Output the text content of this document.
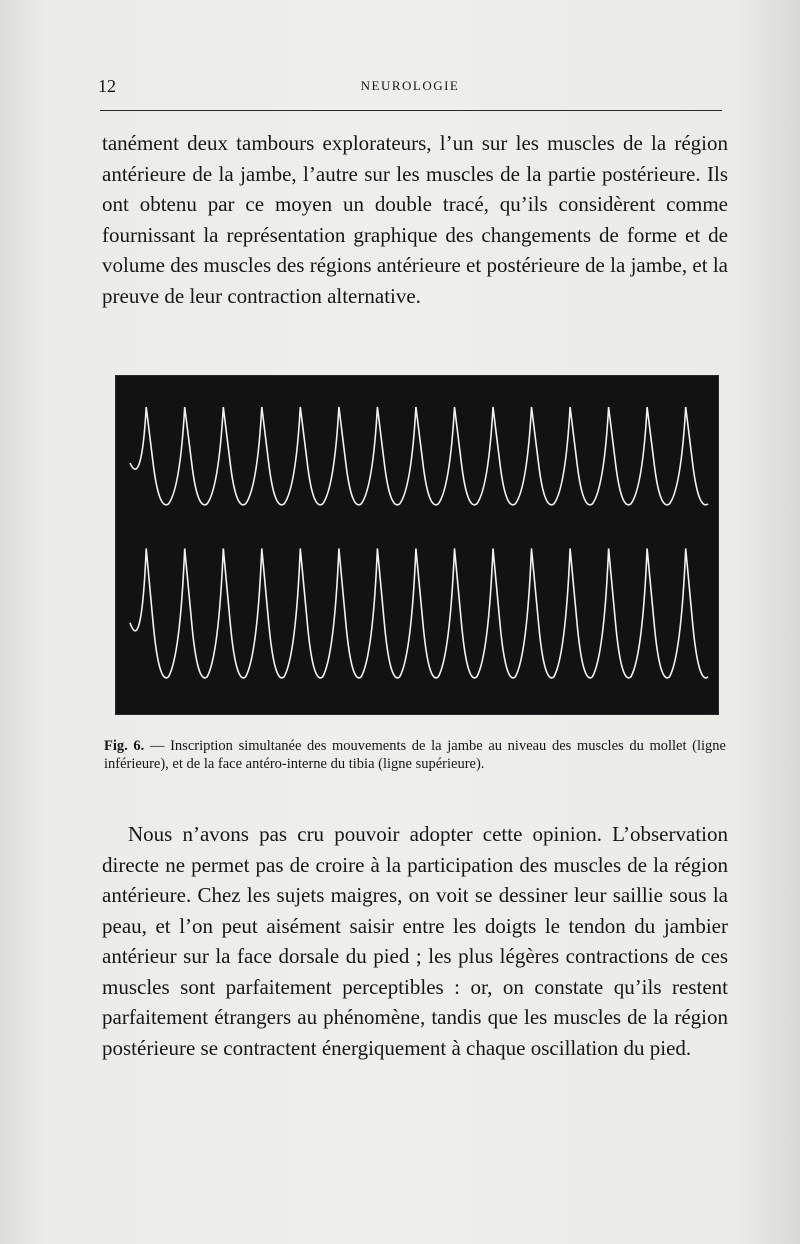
12	NEUROLOGIE

tanément deux tambours explorateurs, l’un sur les muscles de la région antérieure de la jambe, l’autre sur les muscles de la partie postérieure. Ils ont obtenu par ce moyen un double tracé, qu’ils considèrent comme fournissant la représentation graphique des changements de forme et de volume des muscles des régions antérieure et postérieure de la jambe, et la preuve de leur contraction alternative.

Fig. 6. — Inscription simultanée des mouvements de la jambe au niveau des muscles du mollet (ligne inférieure), et de la face antéro-interne du tibia (ligne supérieure).

Nous n’avons pas cru pouvoir adopter cette opinion. L’observation directe ne permet pas de croire à la participation des muscles de la région antérieure. Chez les sujets maigres, on voit se dessiner leur saillie sous la peau, et l’on peut aisément saisir entre les doigts le tendon du jambier antérieur sur la face dorsale du pied ; les plus légères contractions de ces muscles sont parfaitement perceptibles : or, on constate qu’ils restent parfaitement étrangers au phénomène, tandis que les muscles de la région postérieure se contractent énergiquement à chaque oscillation du pied.
